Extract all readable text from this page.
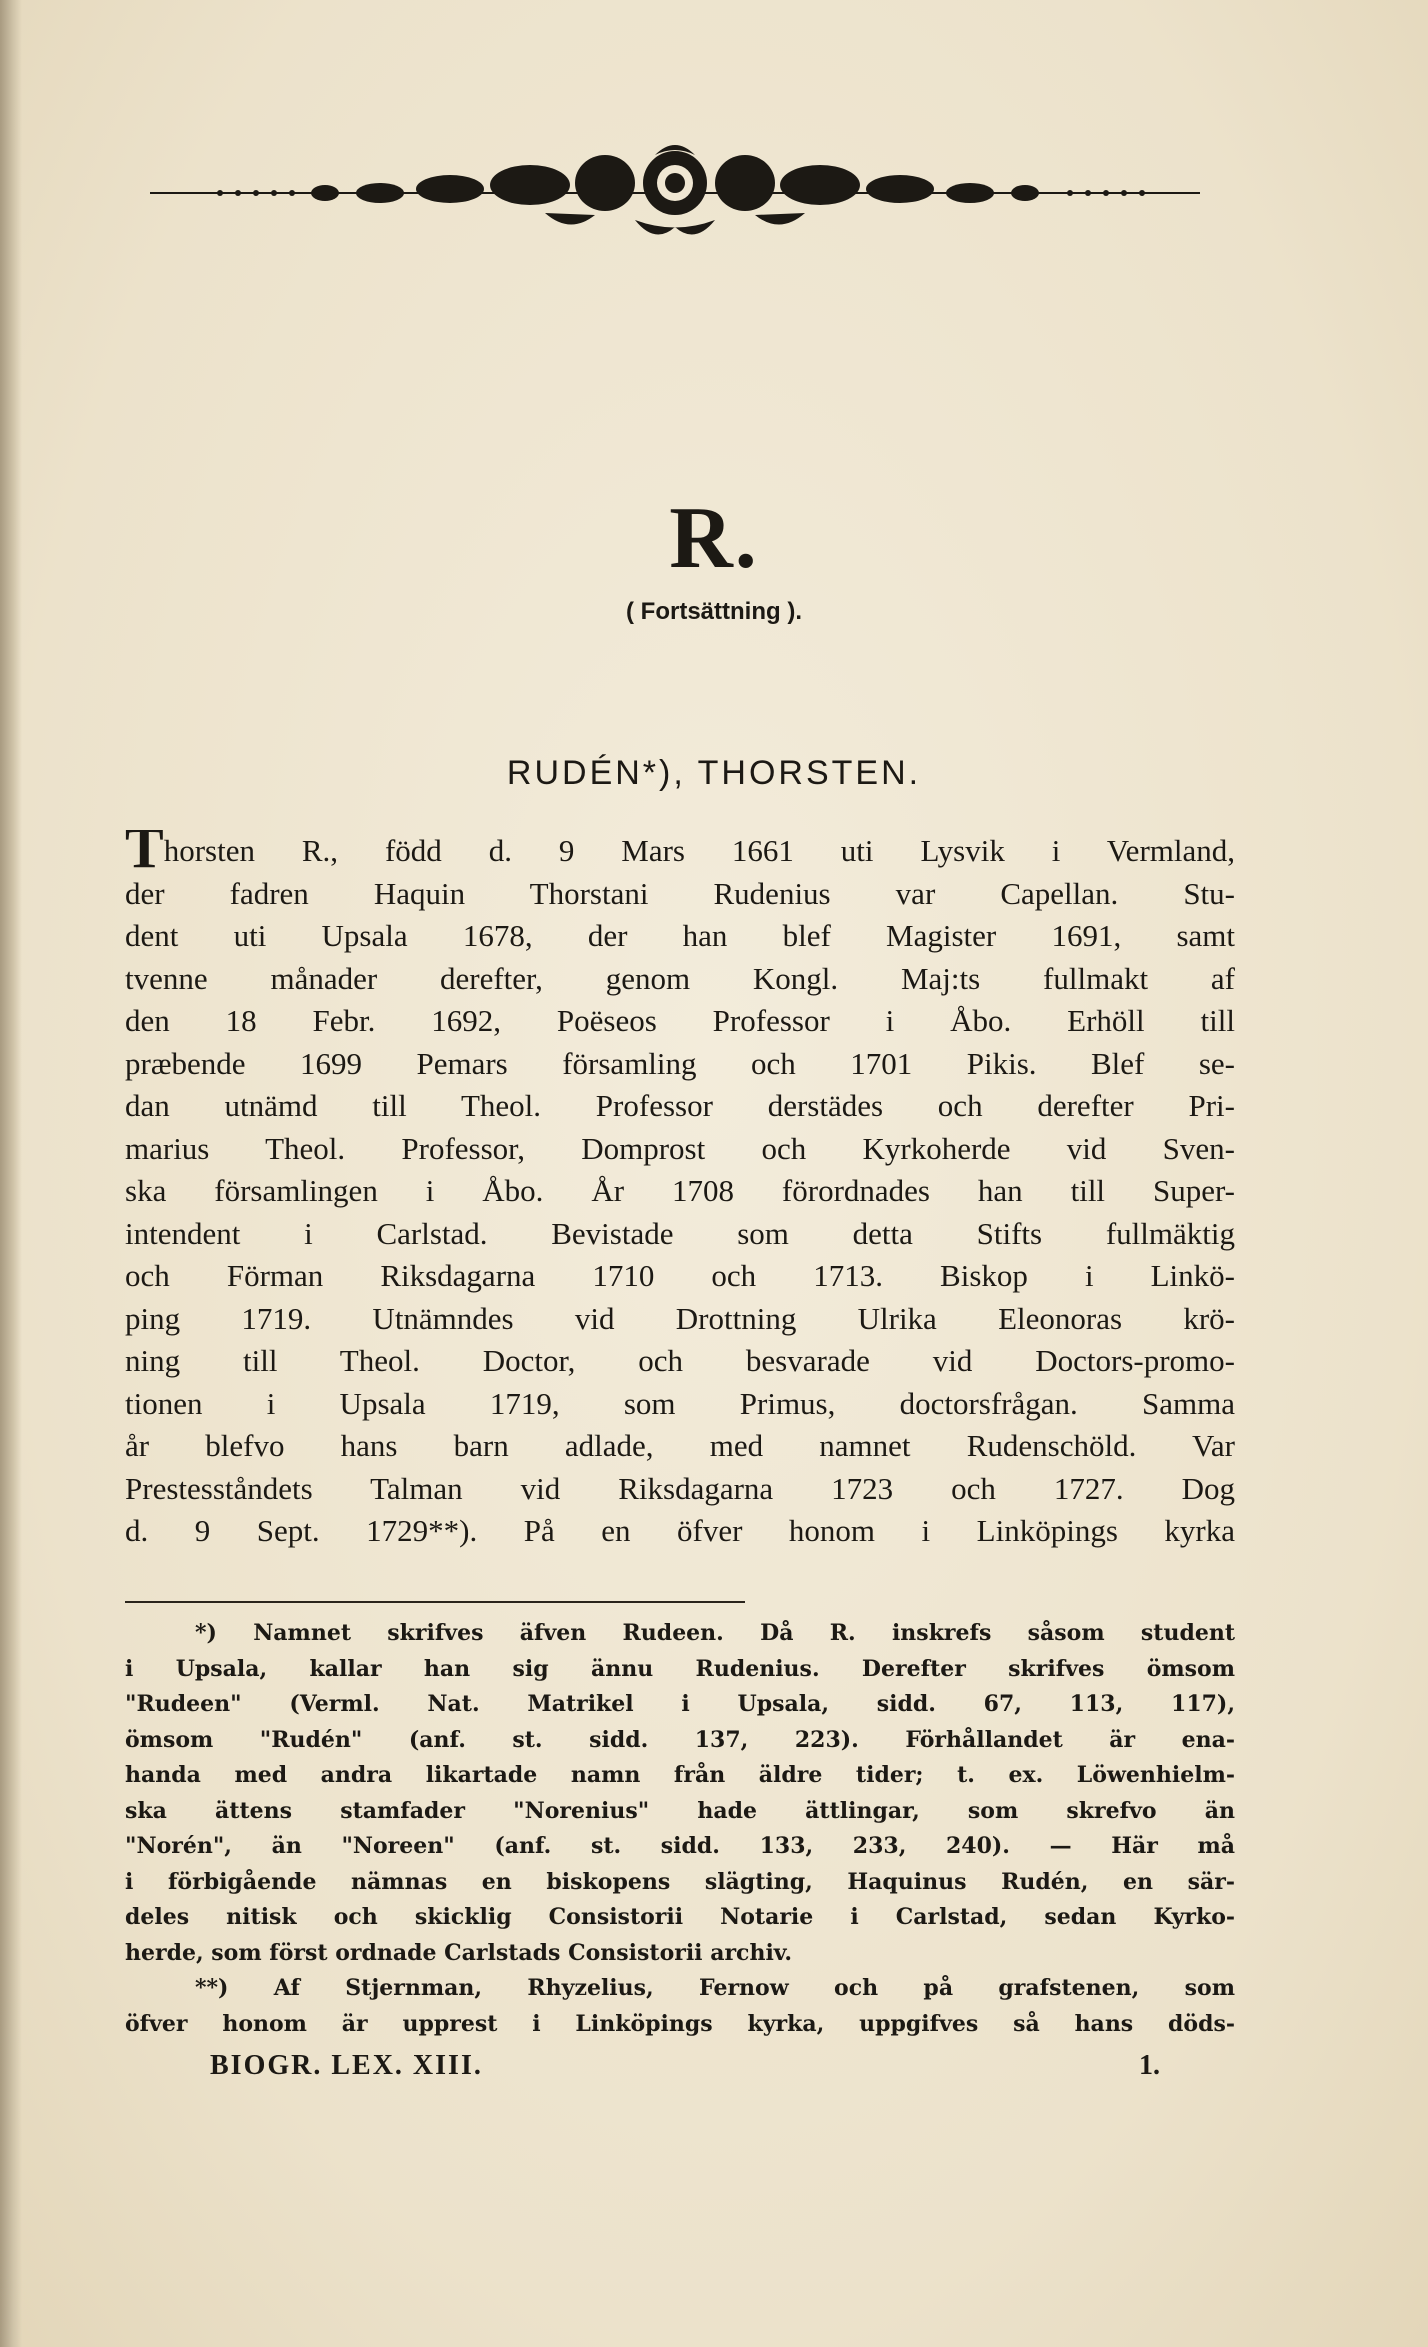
R.
( Fortsättning ).
RUDÉN*), THORSTEN.
Thorsten R., född d. 9 Mars 1661 uti Lysvik i Vermland,
der fadren Haquin Thorstani Rudenius var Capellan. Stu-
dent uti Upsala 1678, der han blef Magister 1691, samt
tvenne månader derefter, genom Kongl. Maj:ts fullmakt af
den 18 Febr. 1692, Poëseos Professor i Åbo. Erhöll till
præbende 1699 Pemars församling och 1701 Pikis. Blef se-
dan utnämd till Theol. Professor derstädes och derefter Pri-
marius Theol. Professor, Domprost och Kyrkoherde vid Sven-
ska församlingen i Åbo. År 1708 förordnades han till Super-
intendent i Carlstad. Bevistade som detta Stifts fullmäktig
och Förman Riksdagarna 1710 och 1713. Biskop i Linkö-
ping 1719. Utnämndes vid Drottning Ulrika Eleonoras krö-
ning till Theol. Doctor, och besvarade vid Doctors-promo-
tionen i Upsala 1719, som Primus, doctorsfrågan. Samma
år blefvo hans barn adlade, med namnet Rudenschöld. Var
Prestesståndets Talman vid Riksdagarna 1723 och 1727. Dog
d. 9 Sept. 1729**). På en öfver honom i Linköpings kyrka
*) Namnet skrifves äfven Rudeen. Då R. inskrefs såsom student
i Upsala, kallar han sig ännu Rudenius. Derefter skrifves ömsom
"Rudeen" (Verml. Nat. Matrikel i Upsala, sidd. 67, 113, 117),
ömsom "Rudén" (anf. st. sidd. 137, 223). Förhållandet är ena-
handa med andra likartade namn från äldre tider; t. ex. Löwenhielm-
ska ättens stamfader "Norenius" hade ättlingar, som skrefvo än
"Norén", än "Noreen" (anf. st. sidd. 133, 233, 240). — Här må
i förbigående nämnas en biskopens slägting, Haquinus Rudén, en sär-
deles nitisk och skicklig Consistorii Notarie i Carlstad, sedan Kyrko-
herde, som först ordnade Carlstads Consistorii archiv.
**) Af Stjernman, Rhyzelius, Fernow och på grafstenen, som
öfver honom är upprest i Linköpings kyrka, uppgifves så hans döds-
BIOGR. LEX. XIII.	1.
